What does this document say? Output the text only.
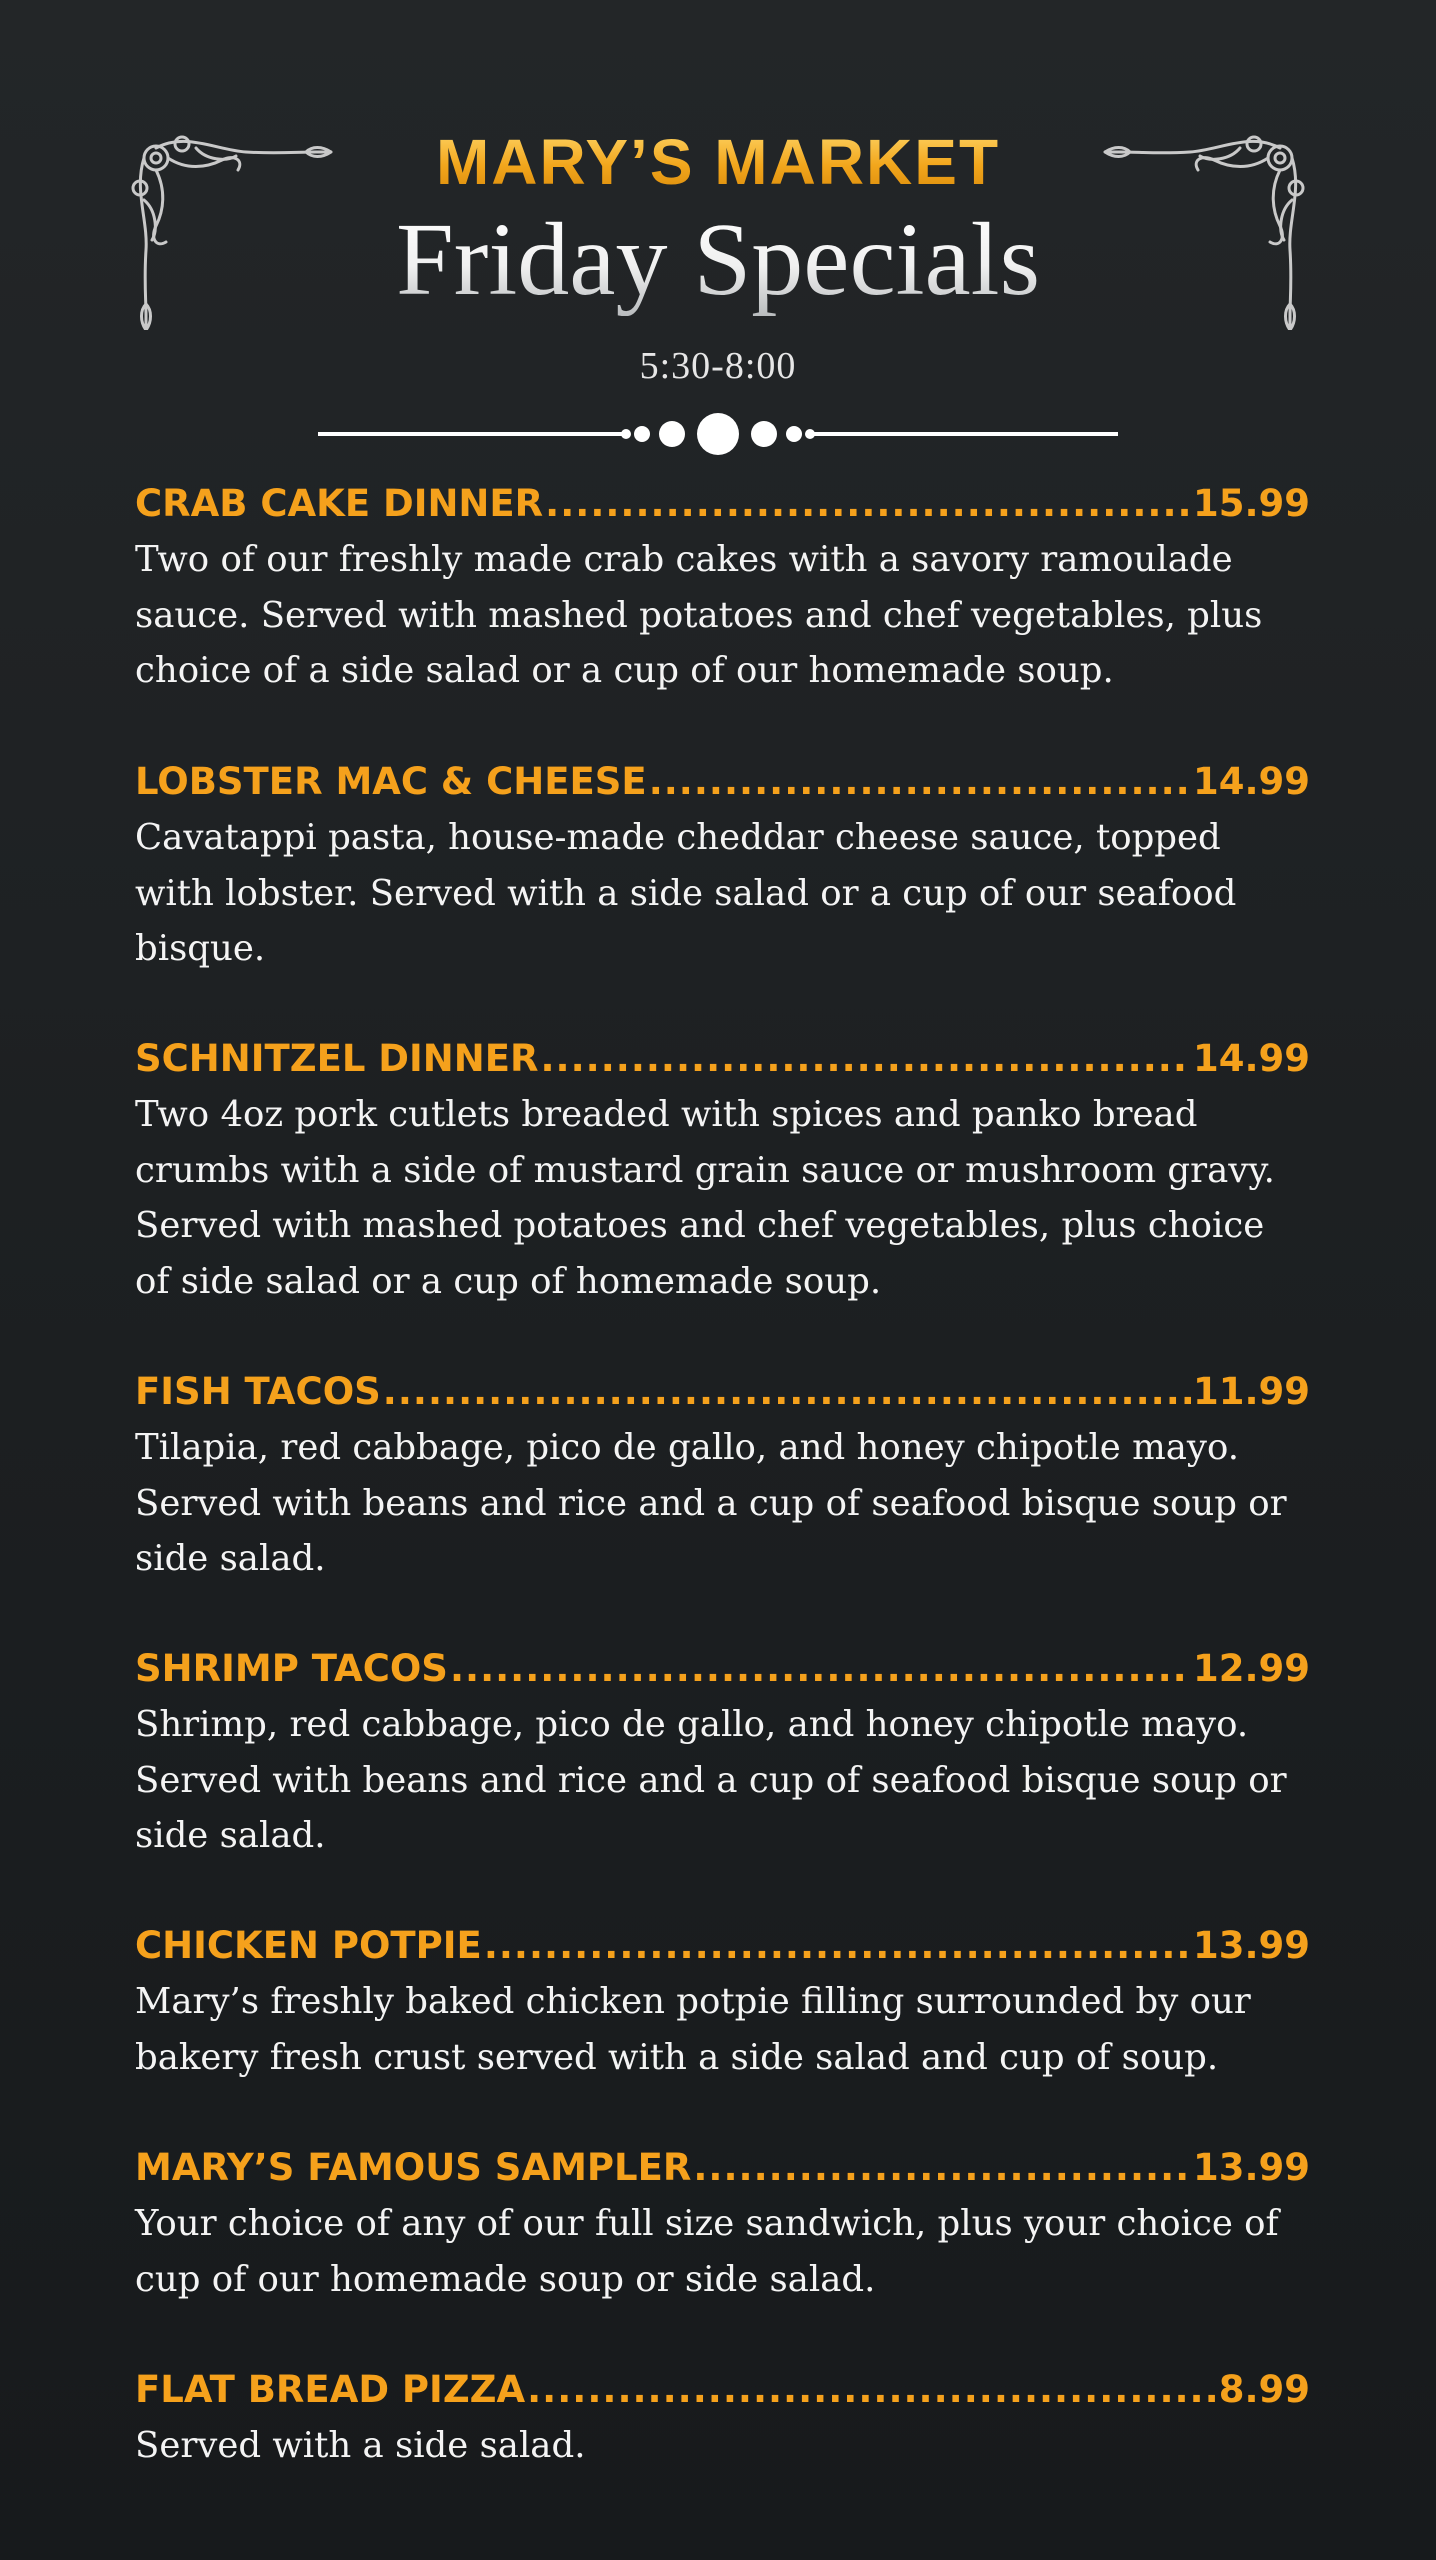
MARY’S MARKET
Friday Specials
5:30-8:00
CRAB CAKE DINNER .....	15.99
Two of our freshly made crab cakes with a savory ramoulade sauce. Served with mashed potatoes and chef vegetables, plus choice of a side salad or a cup of our homemade soup.
LOBSTER MAC & CHEESE .....	14.99
Cavatappi pasta, house-made cheddar cheese sauce, topped with lobster. Served with a side salad or a cup of our seafood bisque.
SCHNITZEL DINNER .....	14.99
Two 4oz pork cutlets breaded with spices and panko bread crumbs with a side of mustard grain sauce or mushroom gravy. Served with mashed potatoes and chef vegetables, plus choice of side salad or a cup of homemade soup.
FISH TACOS .....	11.99
Tilapia, red cabbage, pico de gallo, and honey chipotle mayo. Served with beans and rice and a cup of seafood bisque soup or side salad.
SHRIMP TACOS .....	12.99
Shrimp, red cabbage, pico de gallo, and honey chipotle mayo. Served with beans and rice and a cup of seafood bisque soup or side salad.
CHICKEN POTPIE .....	13.99
Mary’s freshly baked chicken potpie filling surrounded by our bakery fresh crust served with a side salad and cup of soup.
MARY’S FAMOUS SAMPLER .....	13.99
Your choice of any of our full size sandwich, plus your choice of cup of our homemade soup or side salad.
FLAT BREAD PIZZA .....	8.99
Served with a side salad.
